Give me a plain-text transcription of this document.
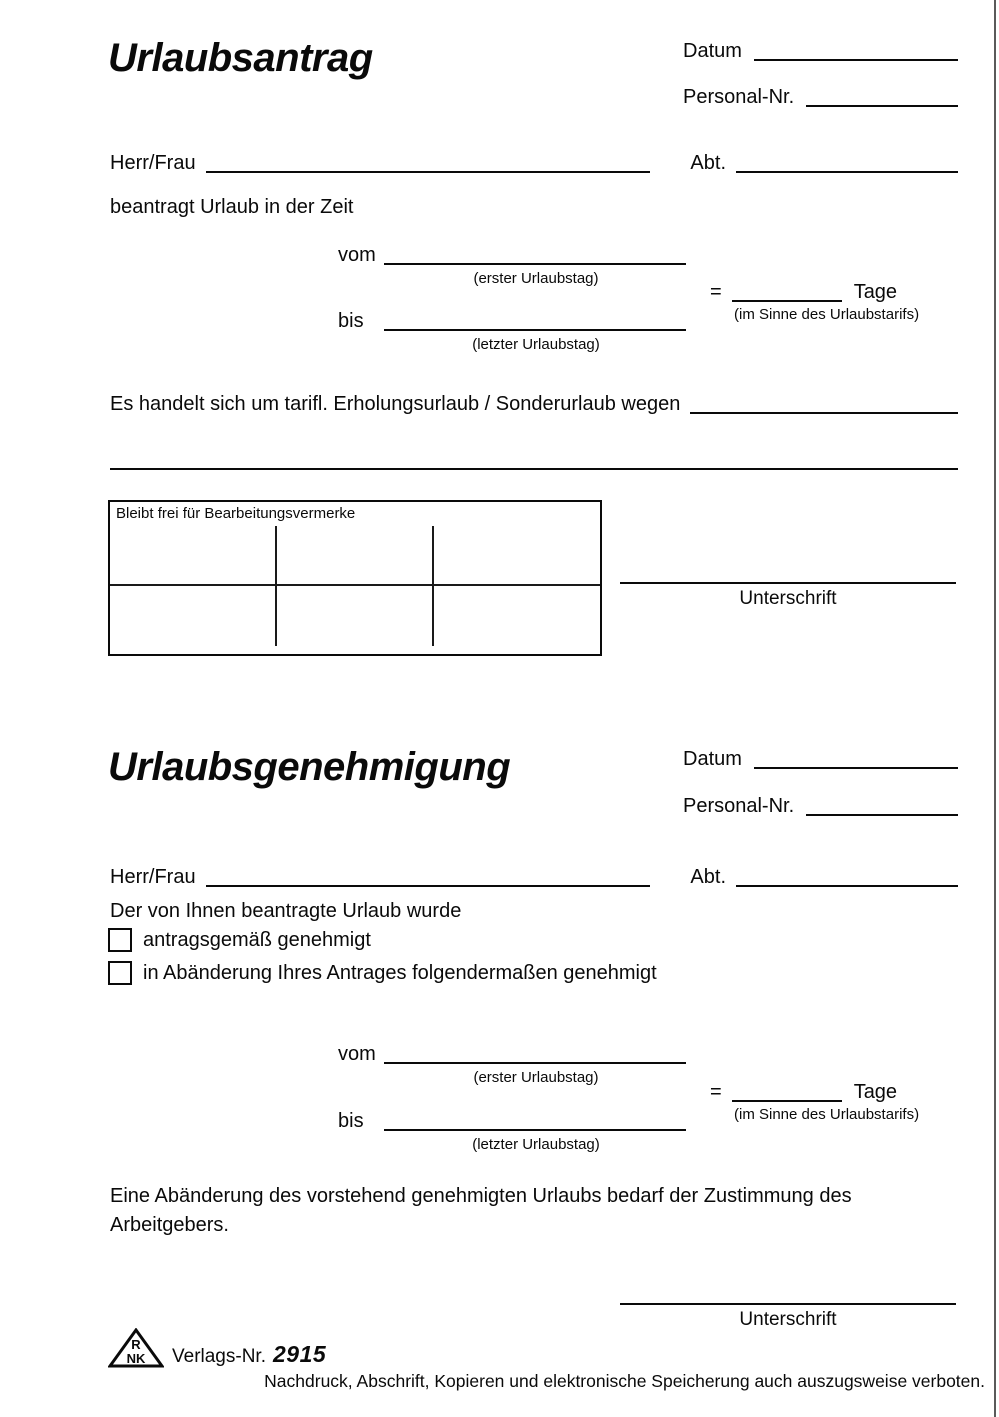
Urlaubsantrag	Datum
Personal-Nr.
Herr/Frau	Abt.
beantragt Urlaub in der Zeit
vom
(erster Urlaubstag)
=	Tage
(im Sinne des Urlaubstarifs)
bis
(letzter Urlaubstag)
Es handelt sich um tarifl. Erholungsurlaub / Sonderurlaub wegen
Bleibt frei für Bearbeitungsvermerke
Unterschrift
Urlaubsgenehmigung	Datum
Personal-Nr.
Herr/Frau	Abt.
Der von Ihnen beantragte Urlaub wurde
antragsgemäß genehmigt
in Abänderung Ihres Antrages folgendermaßen genehmigt
vom
(erster Urlaubstag)
=	Tage
(im Sinne des Urlaubstarifs)
bis
(letzter Urlaubstag)
Eine Abänderung des vorstehend genehmigten Urlaubs bedarf der Zustimmung des
Arbeitgebers.
Unterschrift
R
NK Verlags-Nr. 2915
Nachdruck, Abschrift, Kopieren und elektronische Speicherung auch auszugsweise verboten.
